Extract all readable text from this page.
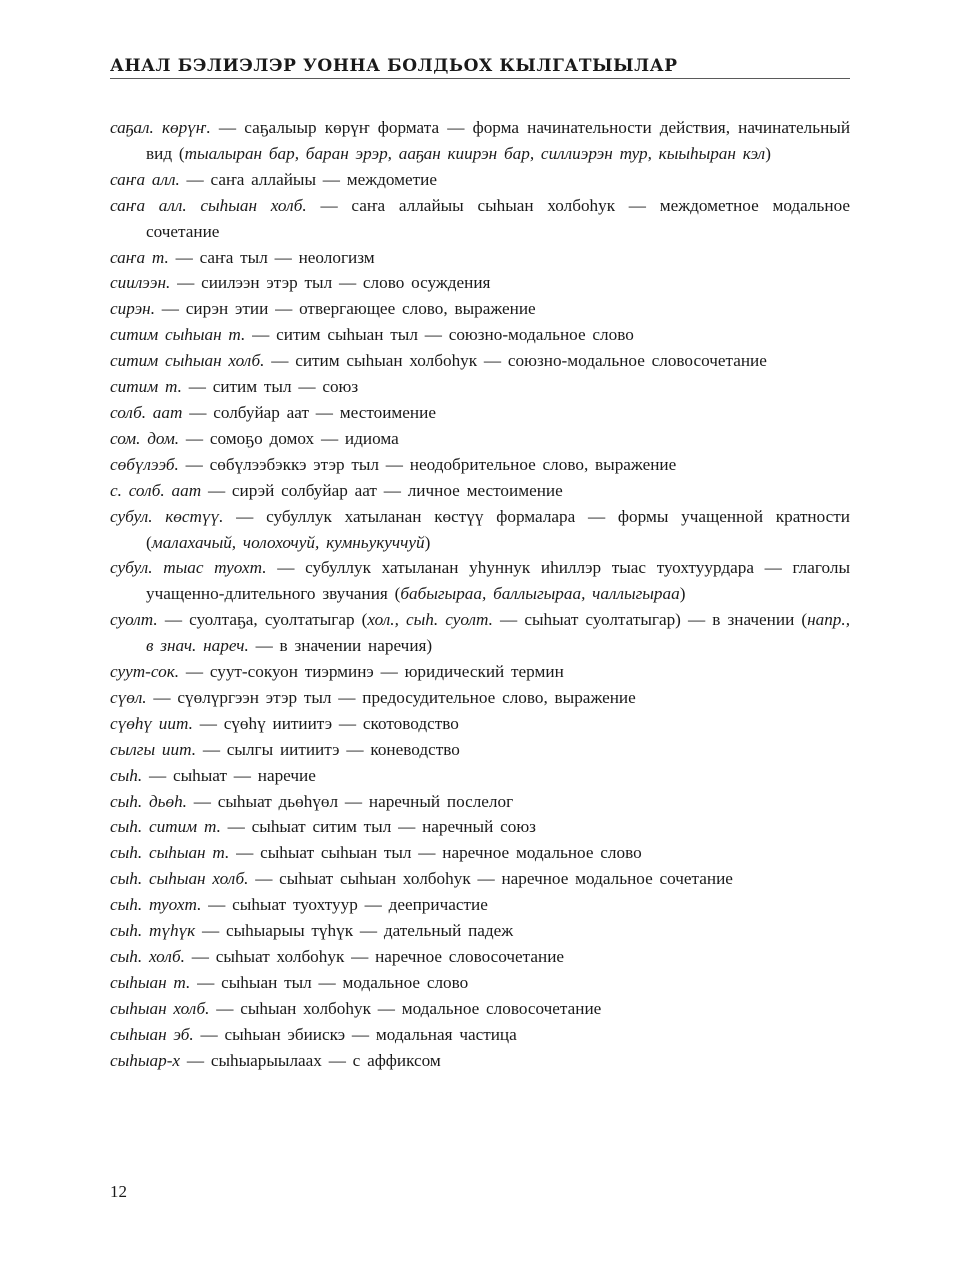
АНАЛ БЭЛИЭЛЭР УОННА БОЛДЬОХ КЫЛГАТЫЫЛАР
саҕал. көрүҥ. — саҕалыыр көрүҥ формата — форма начинательности действия, начинательный вид (тыалыран бар, баран эрэр, ааҕан киирэн бар, силлиэрэн тур, кыыһыран кэл)
саҥа алл. — саҥа аллайыы — междометие
саҥа алл. сыһыан холб. — саҥа аллайыы сыһыан холбоһук — междометное модальное сочетание
саҥа т. — саҥа тыл — неологизм
сиилээн. — сиилээн этэр тыл — слово осуждения
сирэн. — сирэн этии — отвергающее слово, выражение
ситим сыһыан т. — ситим сыһыан тыл — союзно-модальное слово
ситим сыһыан холб. — ситим сыһыан холбоһук — союзно-модальное словосочетание
ситим т. — ситим тыл — союз
солб. аат — солбуйар аат — местоимение
сом. дом. — сомоҕо домох — идиома
сөбүлээб. — сөбүлээбэккэ этэр тыл — неодобрительное слово, выражение
с. солб. аат — сирэй солбуйар аат — личное местоимение
субул. көстүү. — субуллук хатыланан көстүү формалара — формы учащенной кратности (малахачый, чолохочуй, кумньукуччуй)
субул. тыас туохт. — субуллук хатыланан уһуннук иһиллэр тыас туохтуурдара — глаголы учащенно-длительного звучания (бабыгыраа, баллыгыраа, чаллыгыраа)
суолт. — суолтаҕа, суолтатыгар (хол., сыһ. суолт. — сыһыат суолтатыгар) — в значении (напр., в знач. нареч. — в значении наречия)
суут-сок. — суут-сокуон тиэрминэ — юридический термин
сүөл. — сүөлүргээн этэр тыл — предосудительное слово, выражение
сүөһү иит. — сүөһү иитиитэ — скотоводство
сылгы иит. — сылгы иитиитэ — коневодство
сыһ. — сыһыат — наречие
сыһ. дьөһ. — сыһыат дьөһүөл — наречный послелог
сыһ. ситим т. — сыһыат ситим тыл — наречный союз
сыһ. сыһыан т. — сыһыат сыһыан тыл — наречное модальное слово
сыһ. сыһыан холб. — сыһыат сыһыан холбоһук — наречное модальное сочетание
сыһ. туохт. — сыһыат туохтуур — деепричастие
сыһ. түһүк — сыһыарыы түһүк — дательный падеж
сыһ. холб. — сыһыат холбоһук — наречное словосочетание
сыһыан т. — сыһыан тыл — модальное слово
сыһыан холб. — сыһыан холбоһук — модальное словосочетание
сыһыан эб. — сыһыан эбиискэ — модальная частица
сыһыар-х — сыһыарыылаах — с аффиксом
12
